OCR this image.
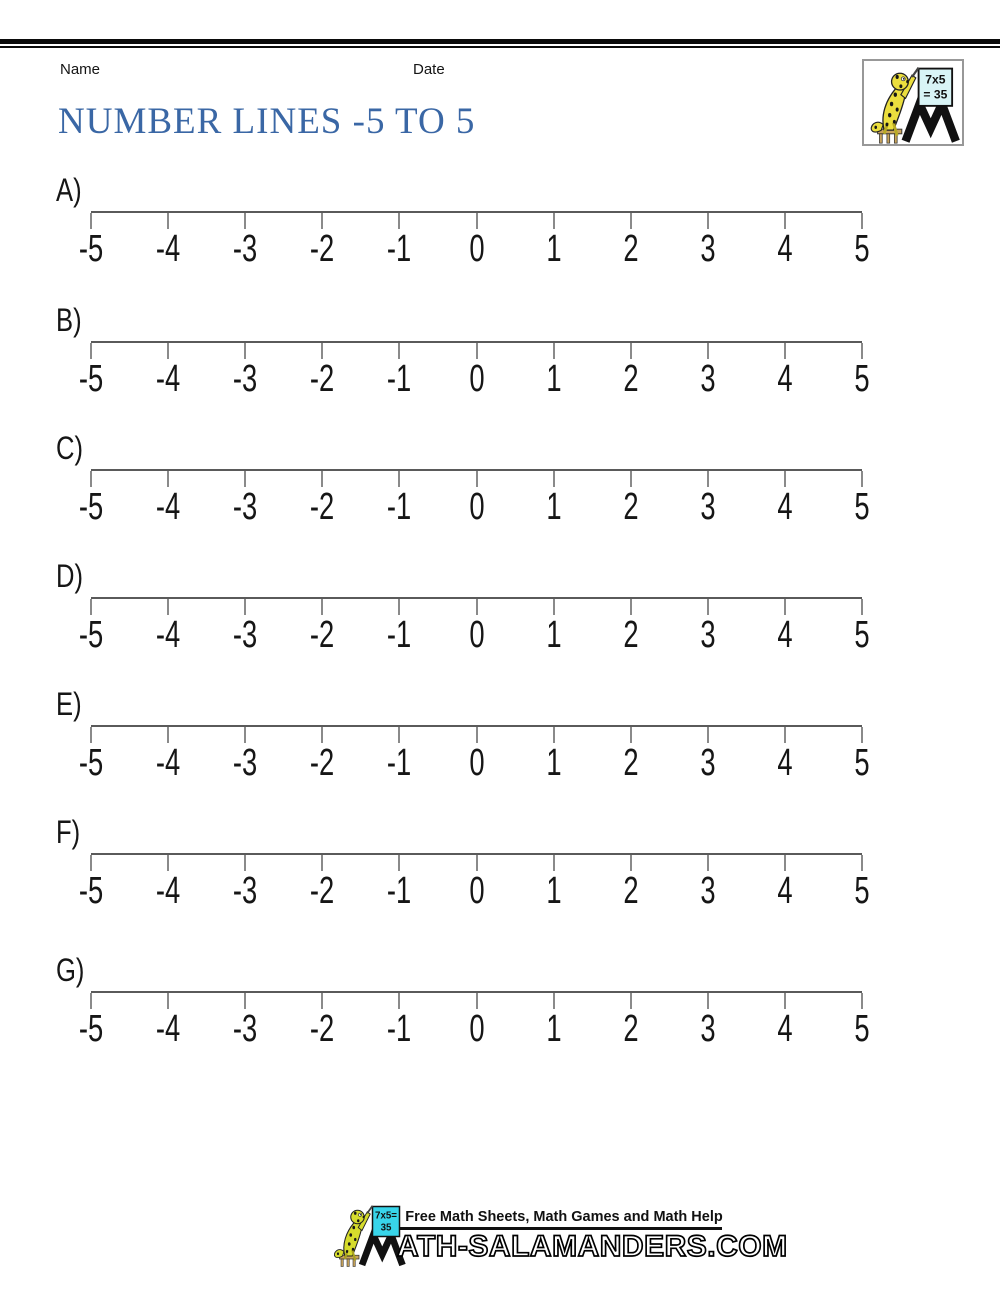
Name	Date
7x5
= 35
NUMBER LINES -5 TO 5
A)
-5	-4	-3	-2	-1	0	1	2	3	4	5
B)
-5	-4	-3	-2	-1	0	1	2	3	4	5
C)
-5	-4	-3	-2	-1	0	1	2	3	4	5
D)
-5	-4	-3	-2	-1	0	1	2	3	4	5
E)
-5	-4	-3	-2	-1	0	1	2	3	4	5
F)
-5	-4	-3	-2	-1	0	1	2	3	4	5
G)
-5	-4	-3	-2	-1	0	1	2	3	4	5
7x5=
35
Free Math Sheets, Math Games and Math Help
ATH-SALAMANDERS.COM
